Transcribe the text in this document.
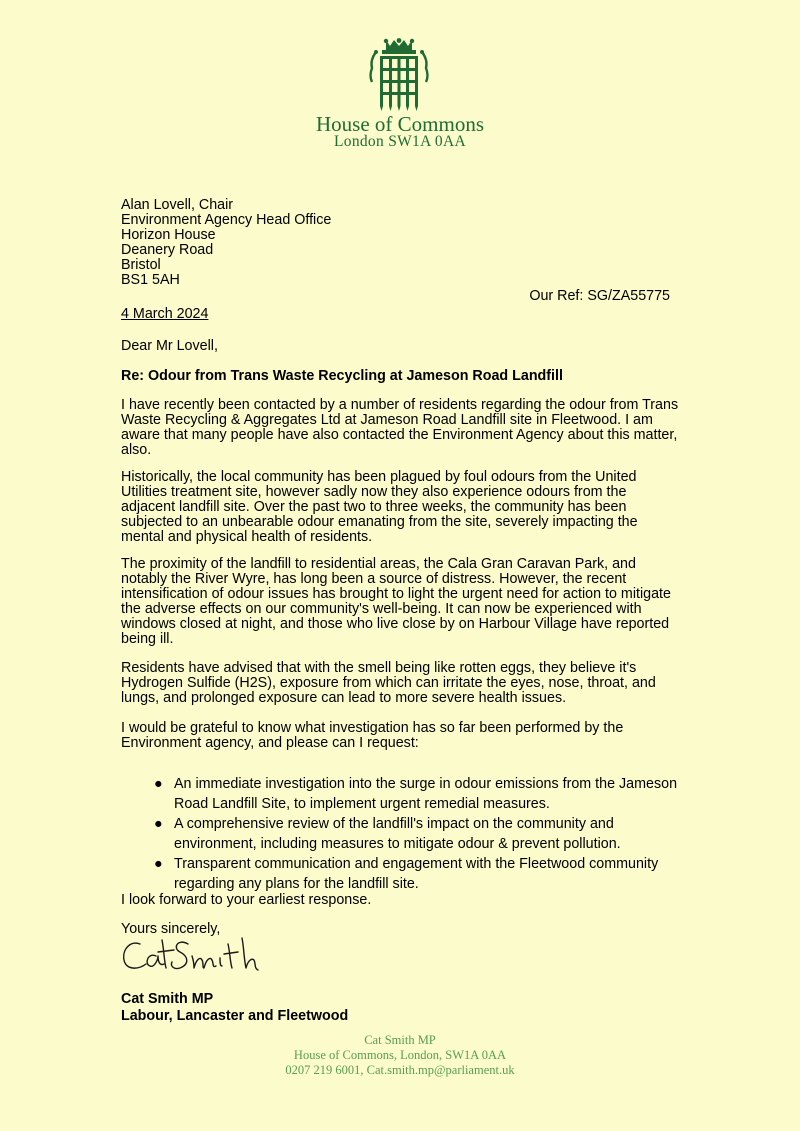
House of Commons
London SW1A 0AA
Alan Lovell, Chair
Environment Agency Head Office
Horizon House
Deanery Road
Bristol
BS1 5AH
Our Ref: SG/ZA55775
4 March 2024
Dear Mr Lovell,
Re: Odour from Trans Waste Recycling at Jameson Road Landfill
I have recently been contacted by a number of residents regarding the odour from Trans Waste Recycling & Aggregates Ltd at Jameson Road Landfill site in Fleetwood. I am aware that many people have also contacted the Environment Agency about this matter, also.
Historically, the local community has been plagued by foul odours from the United Utilities treatment site, however sadly now they also experience odours from the adjacent landfill site. Over the past two to three weeks, the community has been subjected to an unbearable odour emanating from the site, severely impacting the mental and physical health of residents.
The proximity of the landfill to residential areas, the Cala Gran Caravan Park, and notably the River Wyre, has long been a source of distress. However, the recent intensification of odour issues has brought to light the urgent need for action to mitigate the adverse effects on our community's well-being. It can now be experienced with windows closed at night, and those who live close by on Harbour Village have reported being ill.
Residents have advised that with the smell being like rotten eggs, they believe it's Hydrogen Sulfide (H2S), exposure from which can irritate the eyes, nose, throat, and lungs, and prolonged exposure can lead to more severe health issues.
I would be grateful to know what investigation has so far been performed by the Environment agency, and please can I request:
● An immediate investigation into the surge in odour emissions from the Jameson Road Landfill Site, to implement urgent remedial measures.
● A comprehensive review of the landfill's impact on the community and environment, including measures to mitigate odour & prevent pollution.
● Transparent communication and engagement with the Fleetwood community regarding any plans for the landfill site.
I look forward to your earliest response.
Yours sincerely,
Cat Smith MP
Labour, Lancaster and Fleetwood
Cat Smith MP
House of Commons, London, SW1A 0AA
0207 219 6001, Cat.smith.mp@parliament.uk
